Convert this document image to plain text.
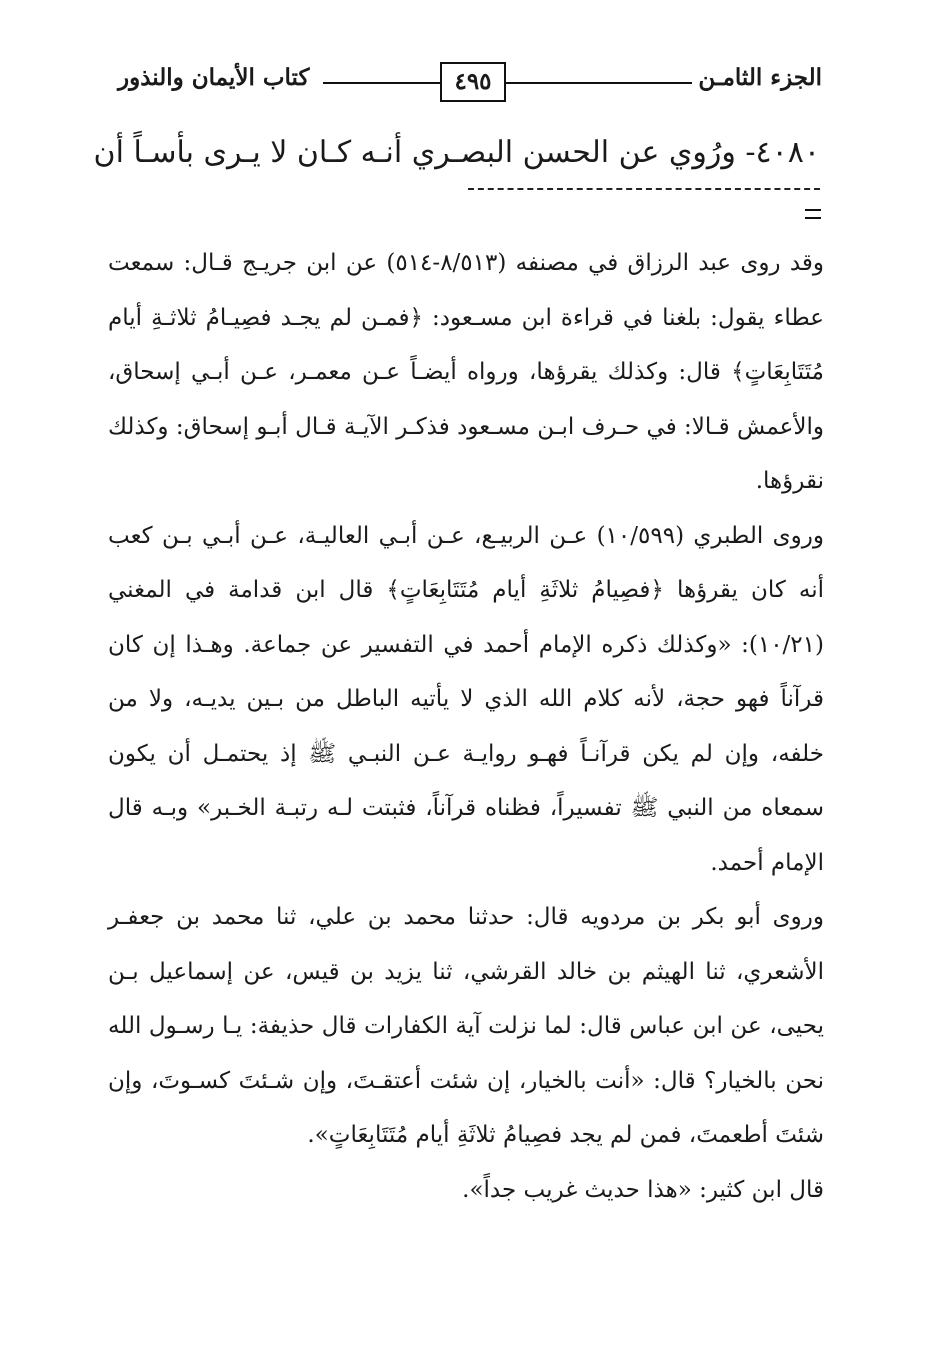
الجزء الثامـن
٤٩٥
كتاب الأيمان والنذور
٤٠٨٠- ورُوي عن الحسن البصـري أنـه كـان لا يـرى بأسـاً أن

وقد روى عبد الرزاق في مصنفه (٨/٥١٣-٥١٤) عن ابن جريـج قـال: سمعت عطاء يقول: بلغنا في قراءة ابن مسـعود: ﴿فمـن لم يجـد فصِيـامُ ثلاثـةِ أيام مُتَتَابِعَاتٍ﴾ قال: وكذلك يقرؤها، ورواه أيضـاً عـن معمـر، عـن أبـي إسحاق، والأعمش قـالا: في حـرف ابـن مسـعود فذكـر الآيـة قـال أبـو إسحاق: وكذلك نقرؤها.

وروى الطبري (١٠/٥٩٩) عـن الربيـع، عـن أبـي العاليـة، عـن أبـي بـن كعب أنه كان يقرؤها ﴿فصِيامُ ثلاثَةِ أيام مُتَتَابِعَاتٍ﴾ قال ابن قدامة في المغني (١٠/٢١): «وكذلك ذكره الإمام أحمد في التفسير عن جماعة. وهـذا إن كان قرآناً فهو حجة، لأنه كلام الله الذي لا يأتيه الباطل من بـين يديـه، ولا من خلفه، وإن لم يكن قرآنـاً فهـو روايـة عـن النبـي ﷺ إذ يحتمـل أن يكون سمعاه من النبي ﷺ تفسيراً، فظناه قرآناً، فثبتت لـه رتبـة الخـبر» وبـه قال الإمام أحمد.

وروى أبو بكر بن مردويه قال: حدثنا محمد بن علي، ثنا محمد بن جعفـر الأشعري، ثنا الهيثم بن خالد القرشي، ثنا يزيد بن قيس، عن إسماعيل بـن يحيى، عن ابن عباس قال: لما نزلت آية الكفارات قال حذيفة: يـا رسـول الله نحن بالخيار؟ قال: «أنت بالخيار، إن شئت أعتقـتَ، وإن شـئتَ كسـوتَ، وإن شئتَ أطعمتَ، فمن لم يجد فصِيامُ ثلاثَةِ أيام مُتَتَابِعَاتٍ».

قال ابن كثير: «هذا حديث غريب جداً».
